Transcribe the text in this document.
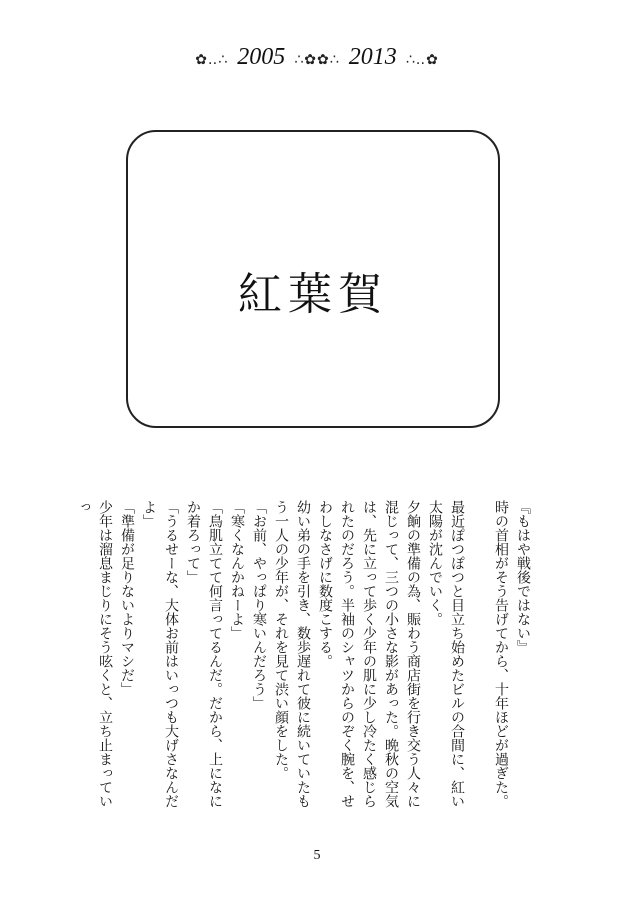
✿‥∴ 2005 ∴✿✿∴ 2013 ∴‥✿
紅葉賀

『もはや戦後ではない』

時の首相がそう告げてから、十年ほどが過ぎた。

最近ぽつぽつと目立ち始めたビルの合間に、紅い太陽が沈んでいく。

夕餉の準備の為、賑わう商店街を行き交う人々に混じって、三つの小さな影があった。晩秋の空気は、先に立って歩く少年の肌に少し冷たく感じられたのだろう。半袖のシャツからのぞく腕を、せわしなさげに数度こする。

幼い弟の手を引き、数歩遅れて彼に続いていたもう一人の少年が、それを見て渋い顔をした。

「お前、やっぱり寒いんだろう」

「寒くなんかねーよ」

「鳥肌立てて何言ってるんだ。だから、上になにか着ろって」

「うるせーな、大体お前はいっつも大げさなんだよ」

「準備が足りないよりマシだ」

少年は溜息まじりにそう呟くと、立ち止まっていっ

5
